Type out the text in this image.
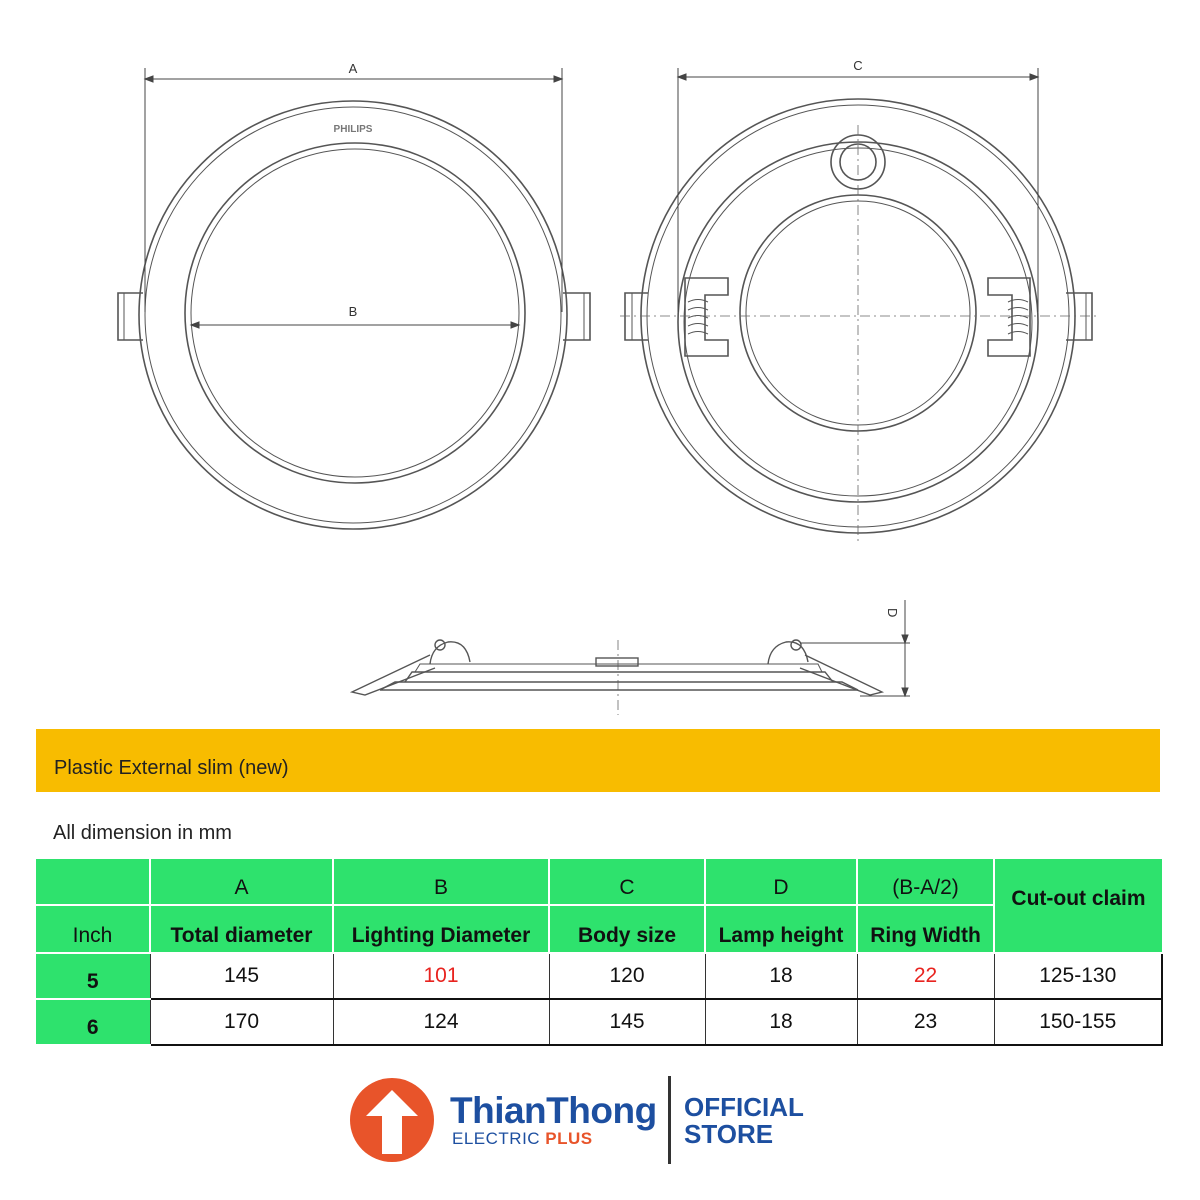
PHILIPS
A
B
C
D
Plastic External slim (new)
All dimension in mm
	A	B	C	D	(B-A/2)	Cut-out claim
Inch	Total diameter	Lighting Diameter	Body size	Lamp height	Ring Width	
5	145	101	120	18	22	125-130
6	170	124	145	18	23	150-155
ThianThong
ELECTRIC PLUS
OFFICIAL
STORE
